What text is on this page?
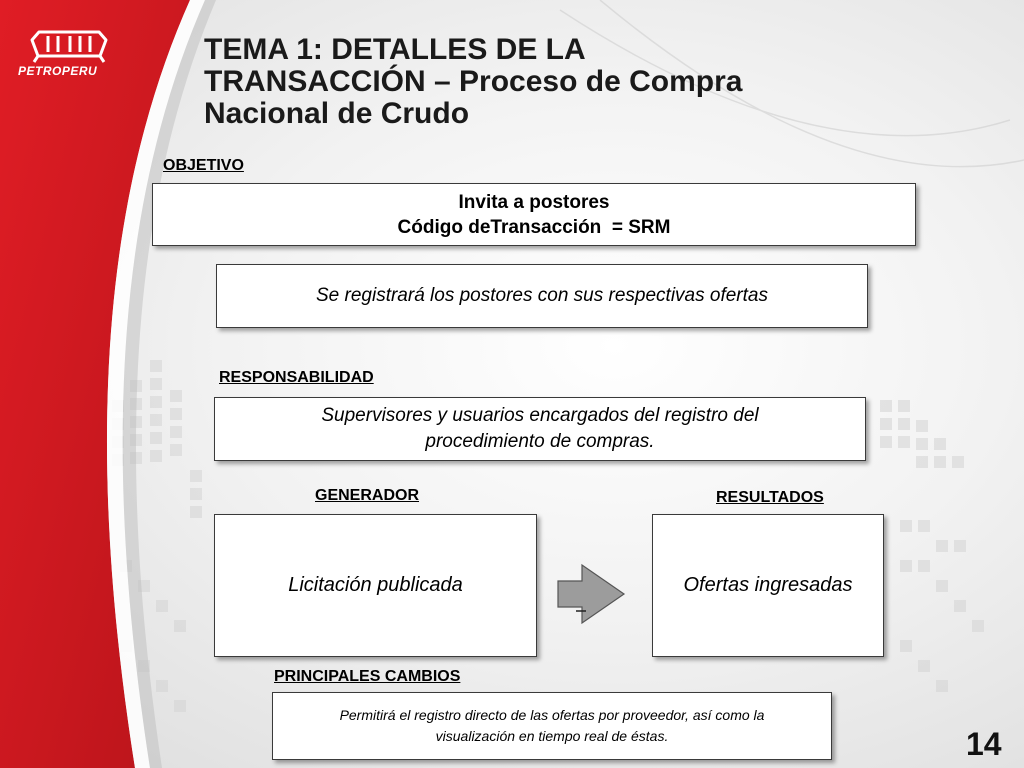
PETROPERU
TEMA 1: DETALLES DE LA
TRANSACCIÓN – Proceso de Compra
Nacional de Crudo
OBJETIVO
Invita a postores
Código deTransacción  = SRM
Se registrará los postores con sus respectivas ofertas
RESPONSABILIDAD
Supervisores y usuarios encargados del registro del
procedimiento de compras.
GENERADOR
Licitación publicada
RESULTADOS
Ofertas ingresadas
PRINCIPALES CAMBIOS
Permitirá el registro directo de las ofertas por proveedor, así como la
visualización en tiempo real de éstas.	14
